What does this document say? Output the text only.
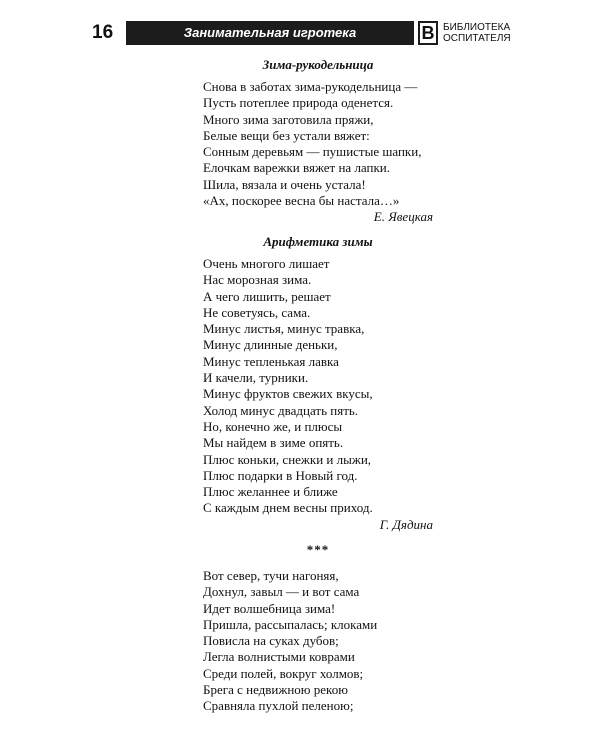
16	Занимательная игротека	В БИБЛИОТЕКА
ОСПИТАТЕЛЯ
Зима-рукодельница
Снова в заботах зима-рукодельница —
Пусть потеплее природа оденется.
Много зима заготовила пряжи,
Белые вещи без устали вяжет:
Сонным деревьям — пушистые шапки,
Елочкам варежки вяжет на лапки.
Шила, вязала и очень устала!
«Ах, поскорее весна бы настала…»
Е. Явецкая
Арифметика зимы
Очень многого лишает
Нас морозная зима.
А чего лишить, решает
Не советуясь, сама.
Минус листья, минус травка,
Минус длинные деньки,
Минус тепленькая лавка
И качели, турники.
Минус фруктов свежих вкусы,
Холод минус двадцать пять.
Но, конечно же, и плюсы
Мы найдем в зиме опять.
Плюс коньки, снежки и лыжи,
Плюс подарки в Новый год.
Плюс желаннее и ближе
С каждым днем весны приход.
Г. Дядина
***
Вот север, тучи нагоняя,
Дохнул, завыл — и вот сама
Идет волшебница зима!
Пришла, рассыпалась; клоками
Повисла на суках дубов;
Легла волнистыми коврами
Среди полей, вокруг холмов;
Брега с недвижною рекою
Сравняла пухлой пеленою;
